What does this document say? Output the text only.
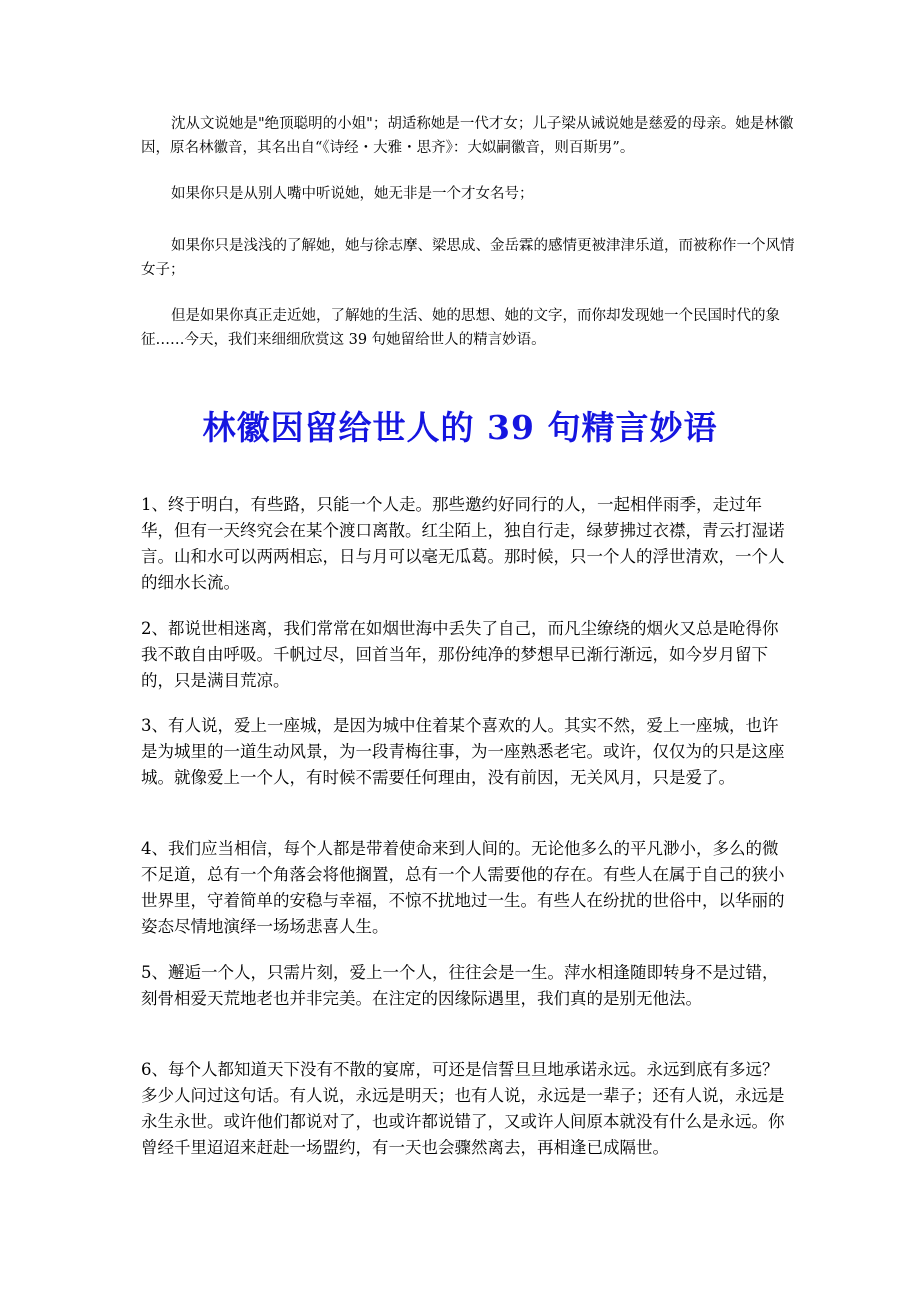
沈从文说她是"绝顶聪明的小姐"；胡适称她是一代才女；儿子梁从诫说她是慈爱的母亲。她是林徽因，原名林徽音，其名出自“《诗经・大雅・思齐》：大姒嗣徽音，则百斯男”。

如果你只是从别人嘴中听说她，她无非是一个才女名号；

如果你只是浅浅的了解她，她与徐志摩、梁思成、金岳霖的感情更被津津乐道，而被称作一个风情女子；

但是如果你真正走近她，了解她的生活、她的思想、她的文字，而你却发现她一个民国时代的象征……今天，我们来细细欣赏这 39 句她留给世人的精言妙语。

林徽因留给世人的 39 句精言妙语

1、终于明白，有些路，只能一个人走。那些邀约好同行的人，一起相伴雨季，走过年华，但有一天终究会在某个渡口离散。红尘陌上，独自行走，绿萝拂过衣襟，青云打湿诺言。山和水可以两两相忘，日与月可以毫无瓜葛。那时候，只一个人的浮世清欢，一个人的细水长流。

2、都说世相迷离，我们常常在如烟世海中丢失了自己，而凡尘缭绕的烟火又总是呛得你我不敢自由呼吸。千帆过尽，回首当年，那份纯净的梦想早已渐行渐远，如今岁月留下的，只是满目荒凉。

3、有人说，爱上一座城，是因为城中住着某个喜欢的人。其实不然，爱上一座城，也许是为城里的一道生动风景，为一段青梅往事，为一座熟悉老宅。或许，仅仅为的只是这座城。就像爱上一个人，有时候不需要任何理由，没有前因，无关风月，只是爱了。

4、我们应当相信，每个人都是带着使命来到人间的。无论他多么的平凡渺小，多么的微不足道，总有一个角落会将他搁置，总有一个人需要他的存在。有些人在属于自己的狭小世界里，守着简单的安稳与幸福，不惊不扰地过一生。有些人在纷扰的世俗中，以华丽的姿态尽情地演绎一场场悲喜人生。

5、邂逅一个人，只需片刻，爱上一个人，往往会是一生。萍水相逢随即转身不是过错，刻骨相爱天荒地老也并非完美。在注定的因缘际遇里，我们真的是别无他法。

6、每个人都知道天下没有不散的宴席，可还是信誓旦旦地承诺永远。永远到底有多远？多少人问过这句话。有人说，永远是明天；也有人说，永远是一辈子；还有人说，永远是永生永世。或许他们都说对了，也或许都说错了，又或许人间原本就没有什么是永远。你曾经千里迢迢来赶赴一场盟约，有一天也会骤然离去，再相逢已成隔世。
